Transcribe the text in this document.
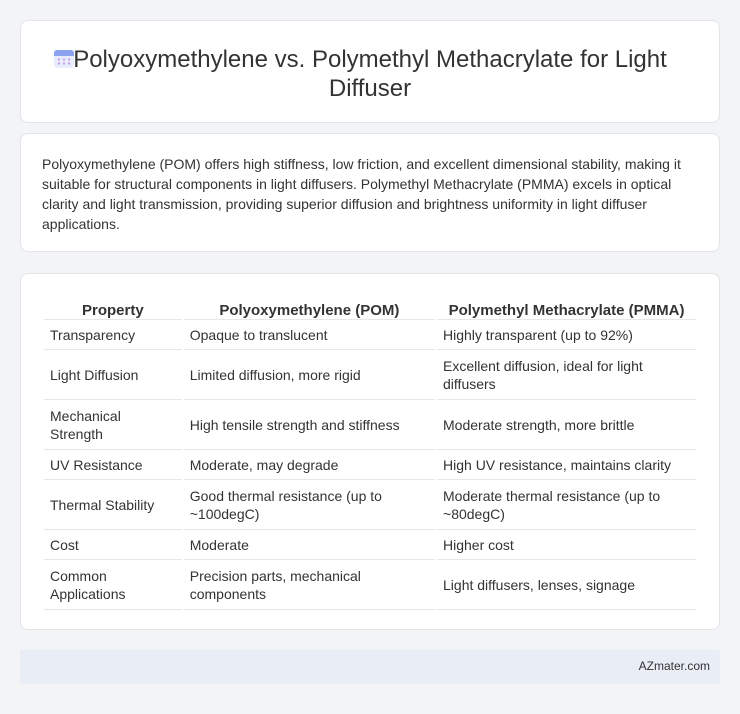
Polyoxymethylene vs. Polymethyl Methacrylate for Light Diffuser

Polyoxymethylene (POM) offers high stiffness, low friction, and excellent dimensional stability, making it suitable for structural components in light diffusers. Polymethyl Methacrylate (PMMA) excels in optical clarity and light transmission, providing superior diffusion and brightness uniformity in light diffuser applications.

Property	Polyoxymethylene (POM)	Polymethyl Methacrylate (PMMA)
Transparency	Opaque to translucent	Highly transparent (up to 92%)
Light Diffusion	Limited diffusion, more rigid	Excellent diffusion, ideal for light diffusers
Mechanical Strength	High tensile strength and stiffness	Moderate strength, more brittle
UV Resistance	Moderate, may degrade	High UV resistance, maintains clarity
Thermal Stability	Good thermal resistance (up to ~100degC)	Moderate thermal resistance (up to ~80degC)
Cost	Moderate	Higher cost
Common Applications	Precision parts, mechanical components	Light diffusers, lenses, signage
AZmater.com
